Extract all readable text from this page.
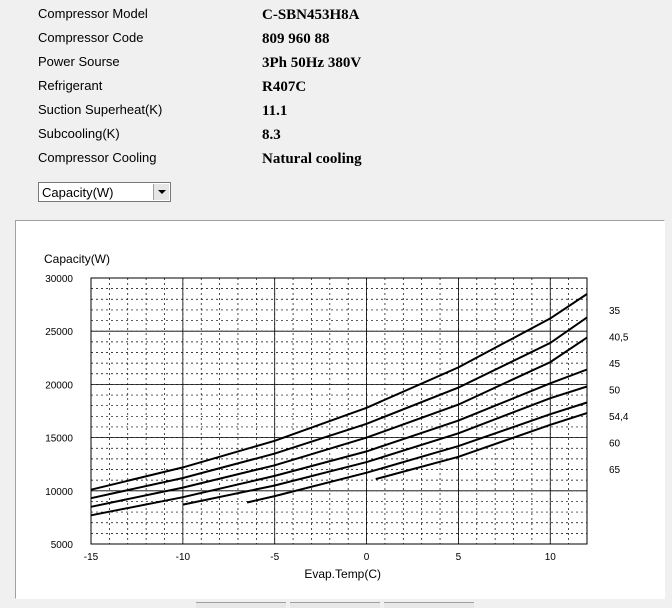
Compressor Model	C-SBN453H8A
Compressor Code	809 960 88
Power Sourse	3Ph 50Hz 380V
Refrigerant	R407C
Suction Superheat(K)	11.1
Subcooling(K)	8.3
Compressor Cooling	Natural cooling
Capacity(W)
5000
10000
15000
20000
25000
30000
-15	-10	-5	0	5	10
Capacity(W)
Evap.Temp(C)
35
40,5
45
50
54,4
60
65
